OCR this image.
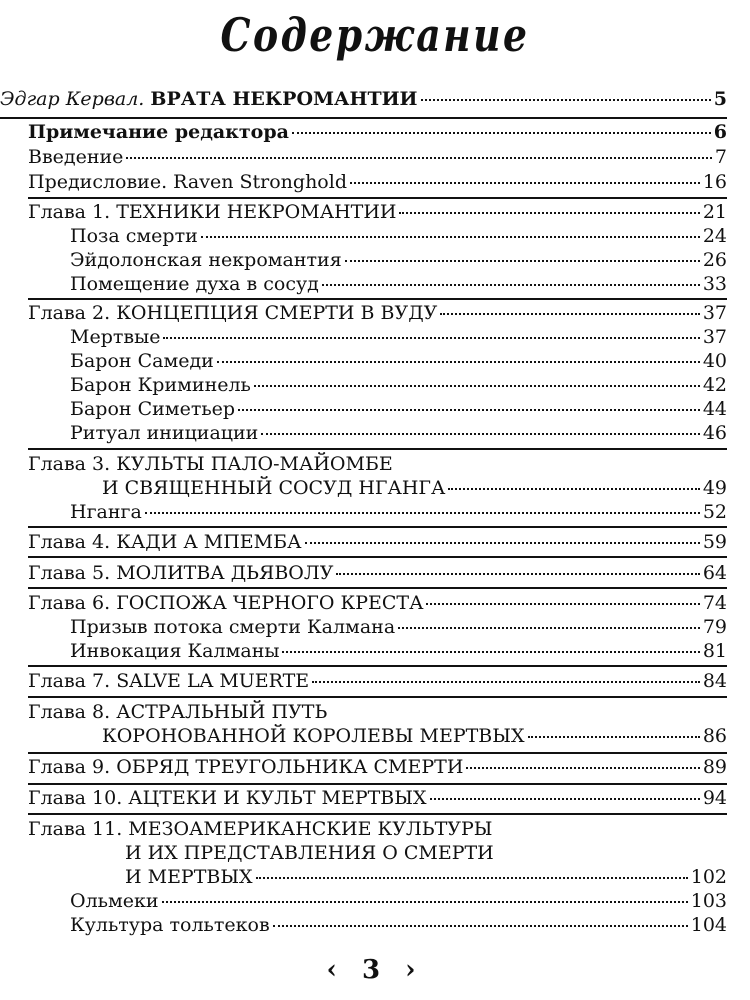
Содержание
Эдгар Кервал. ВРАТА НЕКРОМАНТИИ	5
Примечание редактора	6
Введение	7
Предисловие. Raven Stronghold	16
Глава 1. ТЕХНИКИ НЕКРОМАНТИИ	21
Поза смерти	24
Эйдолонская некромантия	26
Помещение духа в сосуд	33
Глава 2. КОНЦЕПЦИЯ СМЕРТИ В ВУДУ	37
Мертвые	37
Барон Самеди	40
Барон Криминель	42
Барон Симетьер	44
Ритуал инициации	46
Глава 3. КУЛЬТЫ ПАЛО-МАЙОМБЕ
И СВЯЩЕННЫЙ СОСУД НГАНГА	49
Нганга	52
Глава 4. КАДИ А МПЕМБА	59
Глава 5. МОЛИТВА ДЬЯВОЛУ	64
Глава 6. ГОСПОЖА ЧЕРНОГО КРЕСТА	74
Призыв потока смерти Калмана	79
Инвокация Калманы	81
Глава 7. SALVE LA MUERTE	84
Глава 8. АСТРАЛЬНЫЙ ПУТЬ
КОРОНОВАННОЙ КОРОЛЕВЫ МЕРТВЫХ	86
Глава 9. ОБРЯД ТРЕУГОЛЬНИКА СМЕРТИ	89
Глава 10. АЦТЕКИ И КУЛЬТ МЕРТВЫХ	94
Глава 11. МЕЗОАМЕРИКАНСКИЕ КУЛЬТУРЫ
И ИХ ПРЕДСТАВЛЕНИЯ О СМЕРТИ
И МЕРТВЫХ	102
Ольмеки	103
Культура тольтеков	104
‹ 3 ›
